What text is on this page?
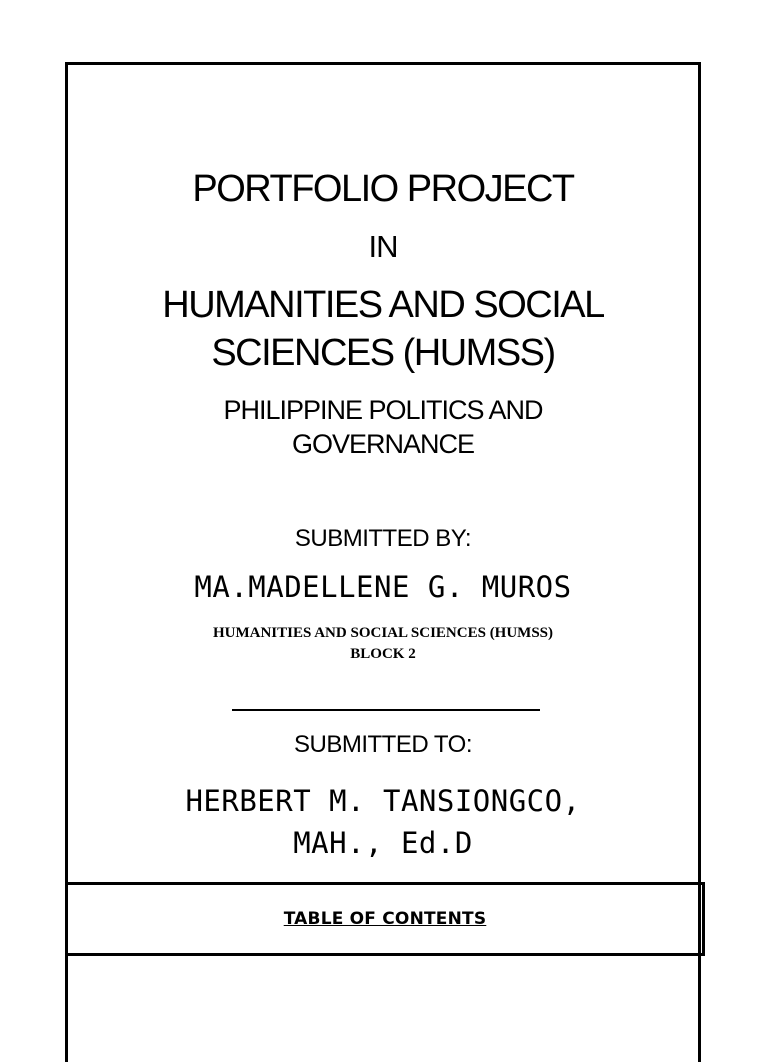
PORTFOLIO PROJECT
IN
HUMANITIES AND SOCIAL
SCIENCES (HUMSS)
PHILIPPINE POLITICS AND
GOVERNANCE
SUBMITTED BY:
MA.MADELLENE G. MUROS
HUMANITIES AND SOCIAL SCIENCES (HUMSS)
BLOCK 2
SUBMITTED TO:
HERBERT M. TANSIONGCO,
MAH., Ed.D
TABLE OF CONTENTS
